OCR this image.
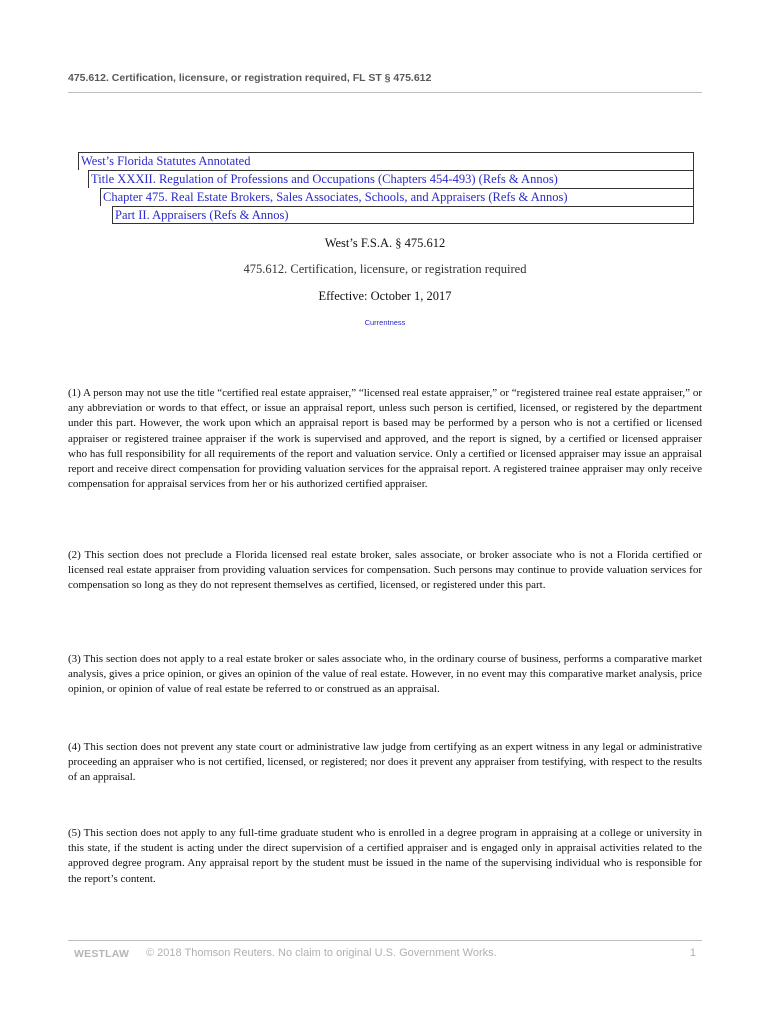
475.612. Certification, licensure, or registration required, FL ST § 475.612
West’s Florida Statutes Annotated
Title XXXII. Regulation of Professions and Occupations (Chapters 454-493) (Refs & Annos)
Chapter 475. Real Estate Brokers, Sales Associates, Schools, and Appraisers (Refs & Annos)
Part II. Appraisers (Refs & Annos)
West’s F.S.A. § 475.612
475.612. Certification, licensure, or registration required
Effective: October 1, 2017
Currentness

(1) A person may not use the title “certified real estate appraiser,” “licensed real estate appraiser,” or “registered trainee real estate appraiser,” or any abbreviation or words to that effect, or issue an appraisal report, unless such person is certified, licensed, or registered by the department under this part. However, the work upon which an appraisal report is based may be performed by a person who is not a certified or licensed appraiser or registered trainee appraiser if the work is supervised and approved, and the report is signed, by a certified or licensed appraiser who has full responsibility for all requirements of the report and valuation service. Only a certified or licensed appraiser may issue an appraisal report and receive direct compensation for providing valuation services for the appraisal report. A registered trainee appraiser may only receive compensation for appraisal services from her or his authorized certified appraiser.

(2) This section does not preclude a Florida licensed real estate broker, sales associate, or broker associate who is not a Florida certified or licensed real estate appraiser from providing valuation services for compensation. Such persons may continue to provide valuation services for compensation so long as they do not represent themselves as certified, licensed, or registered under this part.

(3) This section does not apply to a real estate broker or sales associate who, in the ordinary course of business, performs a comparative market analysis, gives a price opinion, or gives an opinion of the value of real estate. However, in no event may this comparative market analysis, price opinion, or opinion of value of real estate be referred to or construed as an appraisal.

(4) This section does not prevent any state court or administrative law judge from certifying as an expert witness in any legal or administrative proceeding an appraiser who is not certified, licensed, or registered; nor does it prevent any appraiser from testifying, with respect to the results of an appraisal.

(5) This section does not apply to any full-time graduate student who is enrolled in a degree program in appraising at a college or university in this state, if the student is acting under the direct supervision of a certified appraiser and is engaged only in appraisal activities related to the approved degree program. Any appraisal report by the student must be issued in the name of the supervising individual who is responsible for the report’s content.

WESTLAW © 2018 Thomson Reuters. No claim to original U.S. Government Works.	1
